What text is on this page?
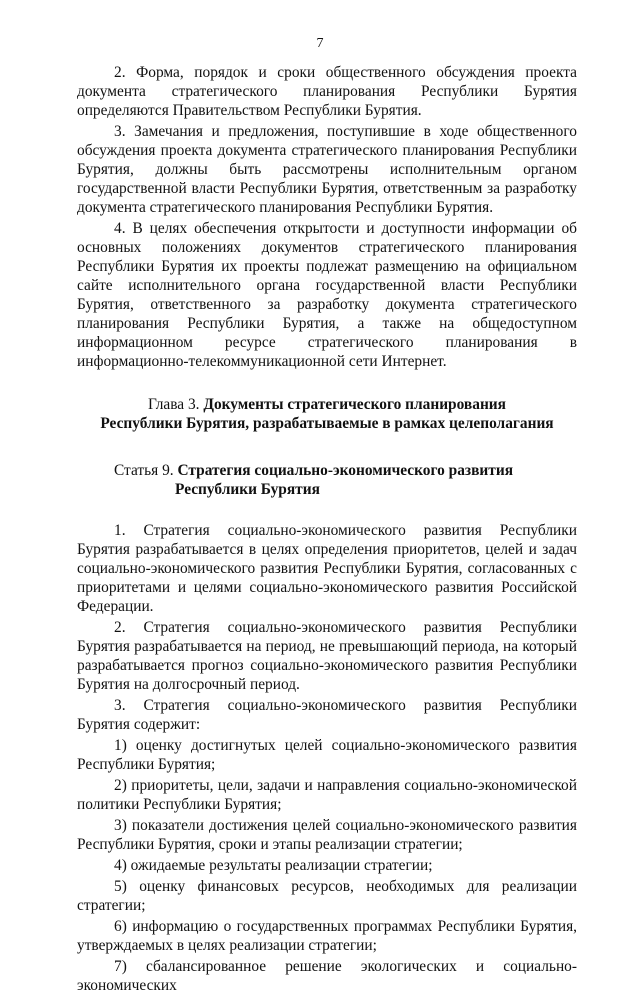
7

2. Форма, порядок и сроки общественного обсуждения проекта документа стратегического планирования Республики Бурятия определяются Правительством Республики Бурятия.

3. Замечания и предложения, поступившие в ходе общественного обсуждения проекта документа стратегического планирования Республики Бурятия, должны быть рассмотрены исполнительным органом государственной власти Республики Бурятия, ответственным за разработку документа стратегического планирования Республики Бурятия.

4. В целях обеспечения открытости и доступности информации об основных положениях документов стратегического планирования Республики Бурятия их проекты подлежат размещению на официальном сайте исполнительного органа государственной власти Республики Бурятия, ответственного за разработку документа стратегического планирования Республики Бурятия, а также на общедоступном информационном ресурсе стратегического планирования в информационно-телекоммуникационной сети Интернет.

Глава 3. Документы стратегического планирования
Республики Бурятия, разрабатываемые в рамках целеполагания
Статья 9. Стратегия социально-экономического развития
Республики Бурятия

1. Стратегия социально-экономического развития Республики Бурятия разрабатывается в целях определения приоритетов, целей и задач социально-экономического развития Республики Бурятия, согласованных с приоритетами и целями социально-экономического развития Российской Федерации.

2. Стратегия социально-экономического развития Республики Бурятия разрабатывается на период, не превышающий периода, на который разрабатывается прогноз социально-экономического развития Республики Бурятия на долгосрочный период.

3. Стратегия социально-экономического развития Республики Бурятия содержит:

1) оценку достигнутых целей социально-экономического развития Республики Бурятия;

2) приоритеты, цели, задачи и направления социально-экономической политики Республики Бурятия;

3) показатели достижения целей социально-экономического развития Республики Бурятия, сроки и этапы реализации стратегии;

4) ожидаемые результаты реализации стратегии;

5) оценку финансовых ресурсов, необходимых для реализации стратегии;

6) информацию о государственных программах Республики Бурятия, утверждаемых в целях реализации стратегии;

7) сбалансированное решение экологических и социально-экономических
